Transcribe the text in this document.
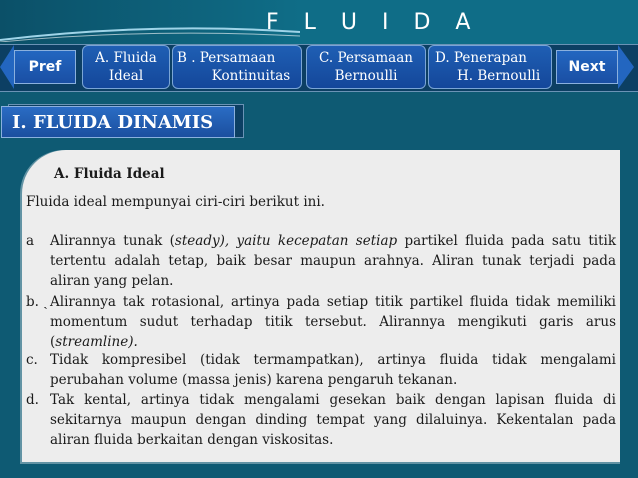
F L U I D A
Pref
A. Fluida
Ideal
B . Persamaan
Kontinuitas
C. Persamaan
Bernoulli
D. Penerapan
H. Bernoulli
Next
I. FLUIDA DINAMIS
A. Fluida Ideal
Fluida ideal mempunyai ciri-ciri berikut ini.
a Alirannya tunak (steady), yaitu kecepatan setiap partikel fluida pada satu titik tertentu adalah tetap, baik besar maupun arahnya. Aliran tunak terjadi pada aliran yang pelan.
b. ˎ Alirannya tak rotasional, artinya pada setiap titik partikel fluida tidak memiliki momentum sudut terhadap titik tersebut. Alirannya mengikuti garis arus (streamline).
c. Tidak kompresibel (tidak termampatkan), artinya fluida tidak mengalami perubahan volume (massa jenis) karena pengaruh tekanan.
d. Tak kental, artinya tidak mengalami gesekan baik dengan lapisan fluida di sekitarnya maupun dengan dinding tempat yang dilaluinya. Kekentalan pada aliran fluida berkaitan dengan viskositas.
